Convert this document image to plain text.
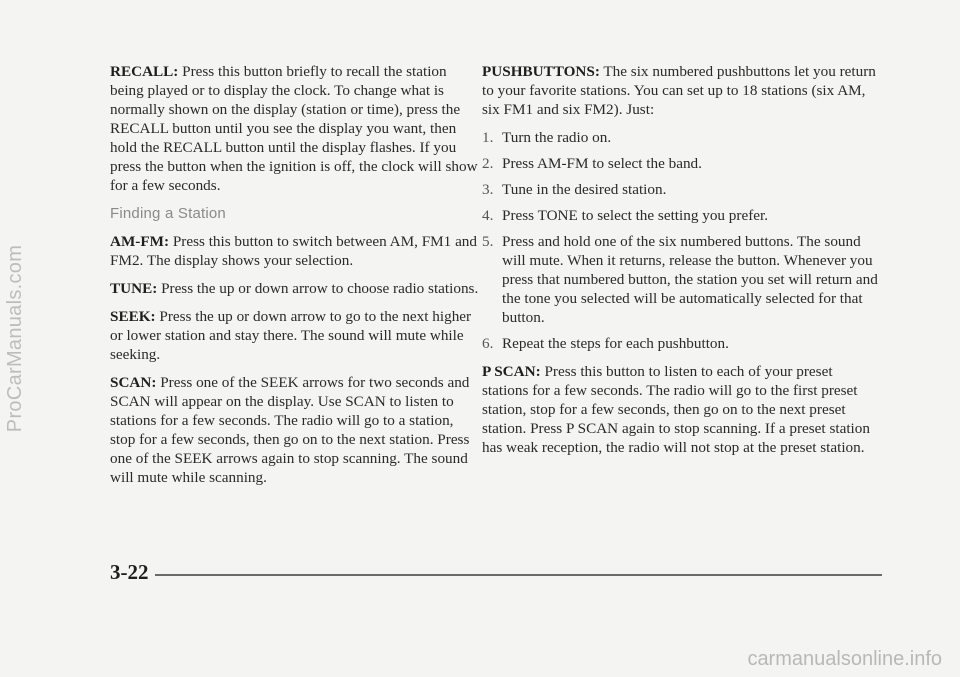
ProCarManuals.com

RECALL: Press this button briefly to recall the station being played or to display the clock. To change what is normally shown on the display (station or time), press the RECALL button until you see the display you want, then hold the RECALL button until the display flashes. If you press the button when the ignition is off, the clock will show for a few seconds.

Finding a Station

AM-FM: Press this button to switch between AM, FM1 and FM2. The display shows your selection.

TUNE: Press the up or down arrow to choose radio stations.

SEEK: Press the up or down arrow to go to the next higher or lower station and stay there. The sound will mute while seeking.

SCAN: Press one of the SEEK arrows for two seconds and SCAN will appear on the display. Use SCAN to listen to stations for a few seconds. The radio will go to a station, stop for a few seconds, then go on to the next station. Press one of the SEEK arrows again to stop scanning. The sound will mute while scanning.

PUSHBUTTONS: The six numbered pushbuttons let you return to your favorite stations. You can set up to 18 stations (six AM, six FM1 and six FM2). Just:

1. Turn the radio on.
2. Press AM-FM to select the band.
3. Tune in the desired station.
4. Press TONE to select the setting you prefer.
5. Press and hold one of the six numbered buttons. The sound will mute. When it returns, release the button. Whenever you press that numbered button, the station you set will return and the tone you selected will be automatically selected for that button.
6. Repeat the steps for each pushbutton.

P SCAN: Press this button to listen to each of your preset stations for a few seconds. The radio will go to the first preset station, stop for a few seconds, then go on to the next preset station. Press P SCAN again to stop scanning. If a preset station has weak reception, the radio will not stop at the preset station.

3-22
carmanualsonline.info
